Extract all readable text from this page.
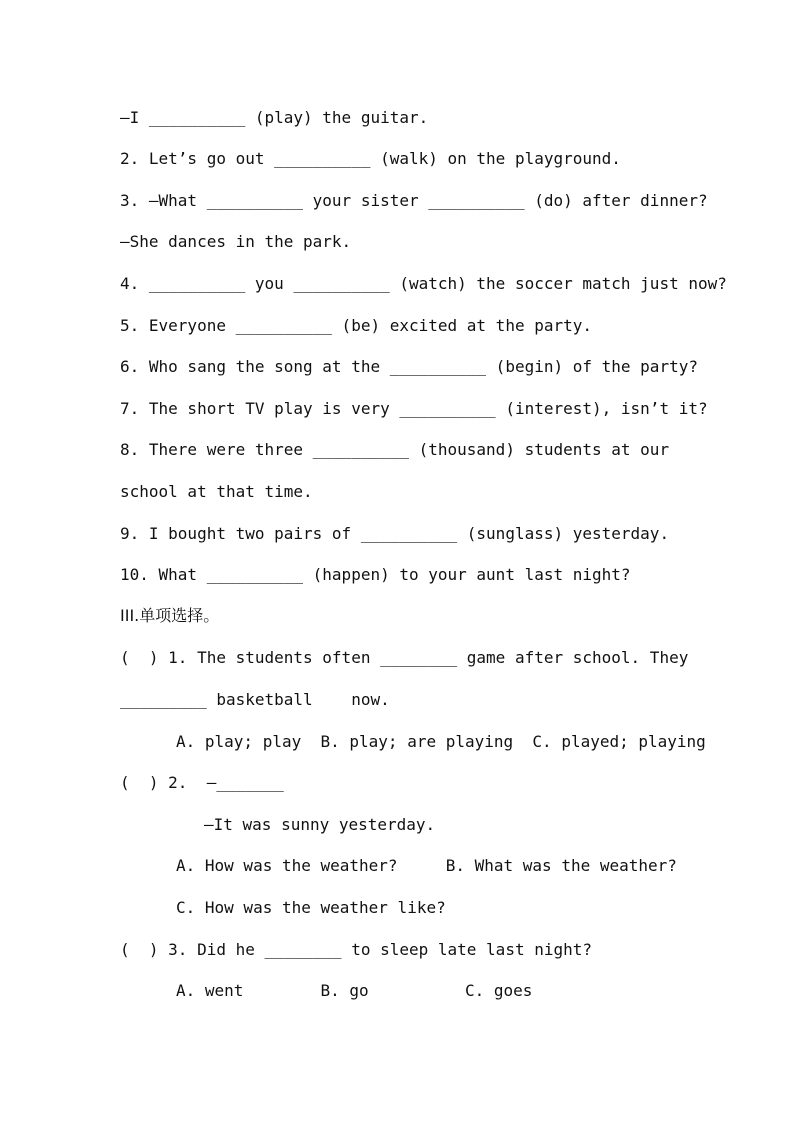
—I __________ (play) the guitar.
2. Let’s go out __________ (walk) on the playground.
3. —What __________ your sister __________ (do) after dinner?
—She dances in the park.
4. __________ you __________ (watch) the soccer match just now?
5. Everyone __________ (be) excited at the party.
6. Who sang the song at the __________ (begin) of the party?
7. The short TV play is very __________ (interest), isn’t it?
8. There were three __________ (thousand) students at our
school at that time.
9. I bought two pairs of __________ (sunglass) yesterday.
10. What __________ (happen) to your aunt last night?
III.单项选择。
(  ) 1. The students often ________ game after school. They
_________ basketball    now.
A. play; play  B. play; are playing  C. played; playing
(  ) 2.  —_______
—It was sunny yesterday.
A. How was the weather?     B. What was the weather?
C. How was the weather like?
(  ) 3. Did he ________ to sleep late last night?
A. went        B. go          C. goes
